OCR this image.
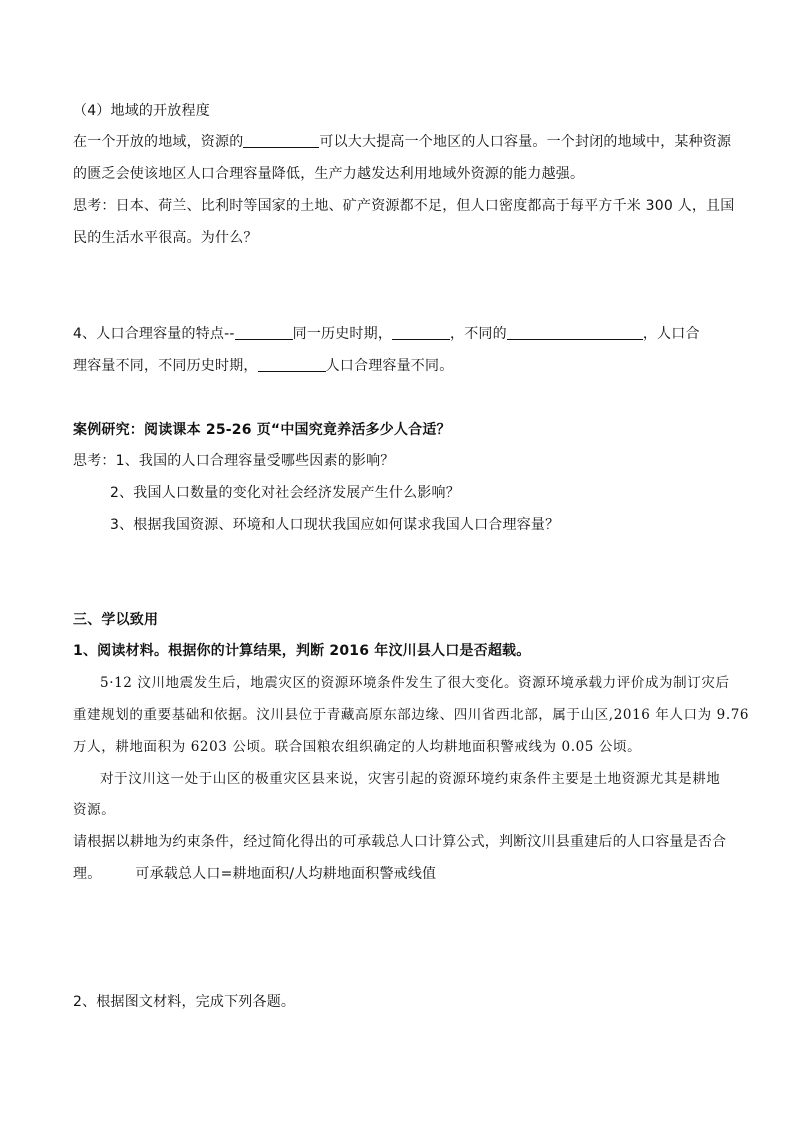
（4）地域的开放程度
在一个开放的地域，资源的	可以大大提高一个地区的人口容量。一个封闭的地域中，某种资源
的匮乏会使该地区人口合理容量降低，生产力越发达利用地域外资源的能力越强。
思考：日本、荷兰、比利时等国家的土地、矿产资源都不足，但人口密度都高于每平方千米 300 人，且国
民的生活水平很高。为什么？
4、人口合理容量的特点--	同一历史时期，	，不同的	，人口合
理容量不同，不同历史时期，	人口合理容量不同。
案例研究：阅读课本 25-26 页“中国究竟养活多少人合适？
思考：1、我国的人口合理容量受哪些因素的影响？
2、我国人口数量的变化对社会经济发展产生什么影响？
3、根据我国资源、环境和人口现状我国应如何谋求我国人口合理容量？
三、学以致用
1、阅读材料。根据你的计算结果，判断 2016 年汶川县人口是否超载。
5·12 汶川地震发生后，地震灾区的资源环境条件发生了很大变化。资源环境承载力评价成为制订灾后
重建规划的重要基础和依据。汶川县位于青藏高原东部边缘、四川省西北部，属于山区,2016 年人口为 9.76
万人，耕地面积为 6203 公顷。联合国粮农组织确定的人均耕地面积警戒线为 0.05 公顷。
对于汶川这一处于山区的极重灾区县来说，灾害引起的资源环境约束条件主要是土地资源尤其是耕地
资源。
请根据以耕地为约束条件，经过简化得出的可承载总人口计算公式，判断汶川县重建后的人口容量是否合
理。 可承载总人口=耕地面积/人均耕地面积警戒线值
2、根据图文材料，完成下列各题。
